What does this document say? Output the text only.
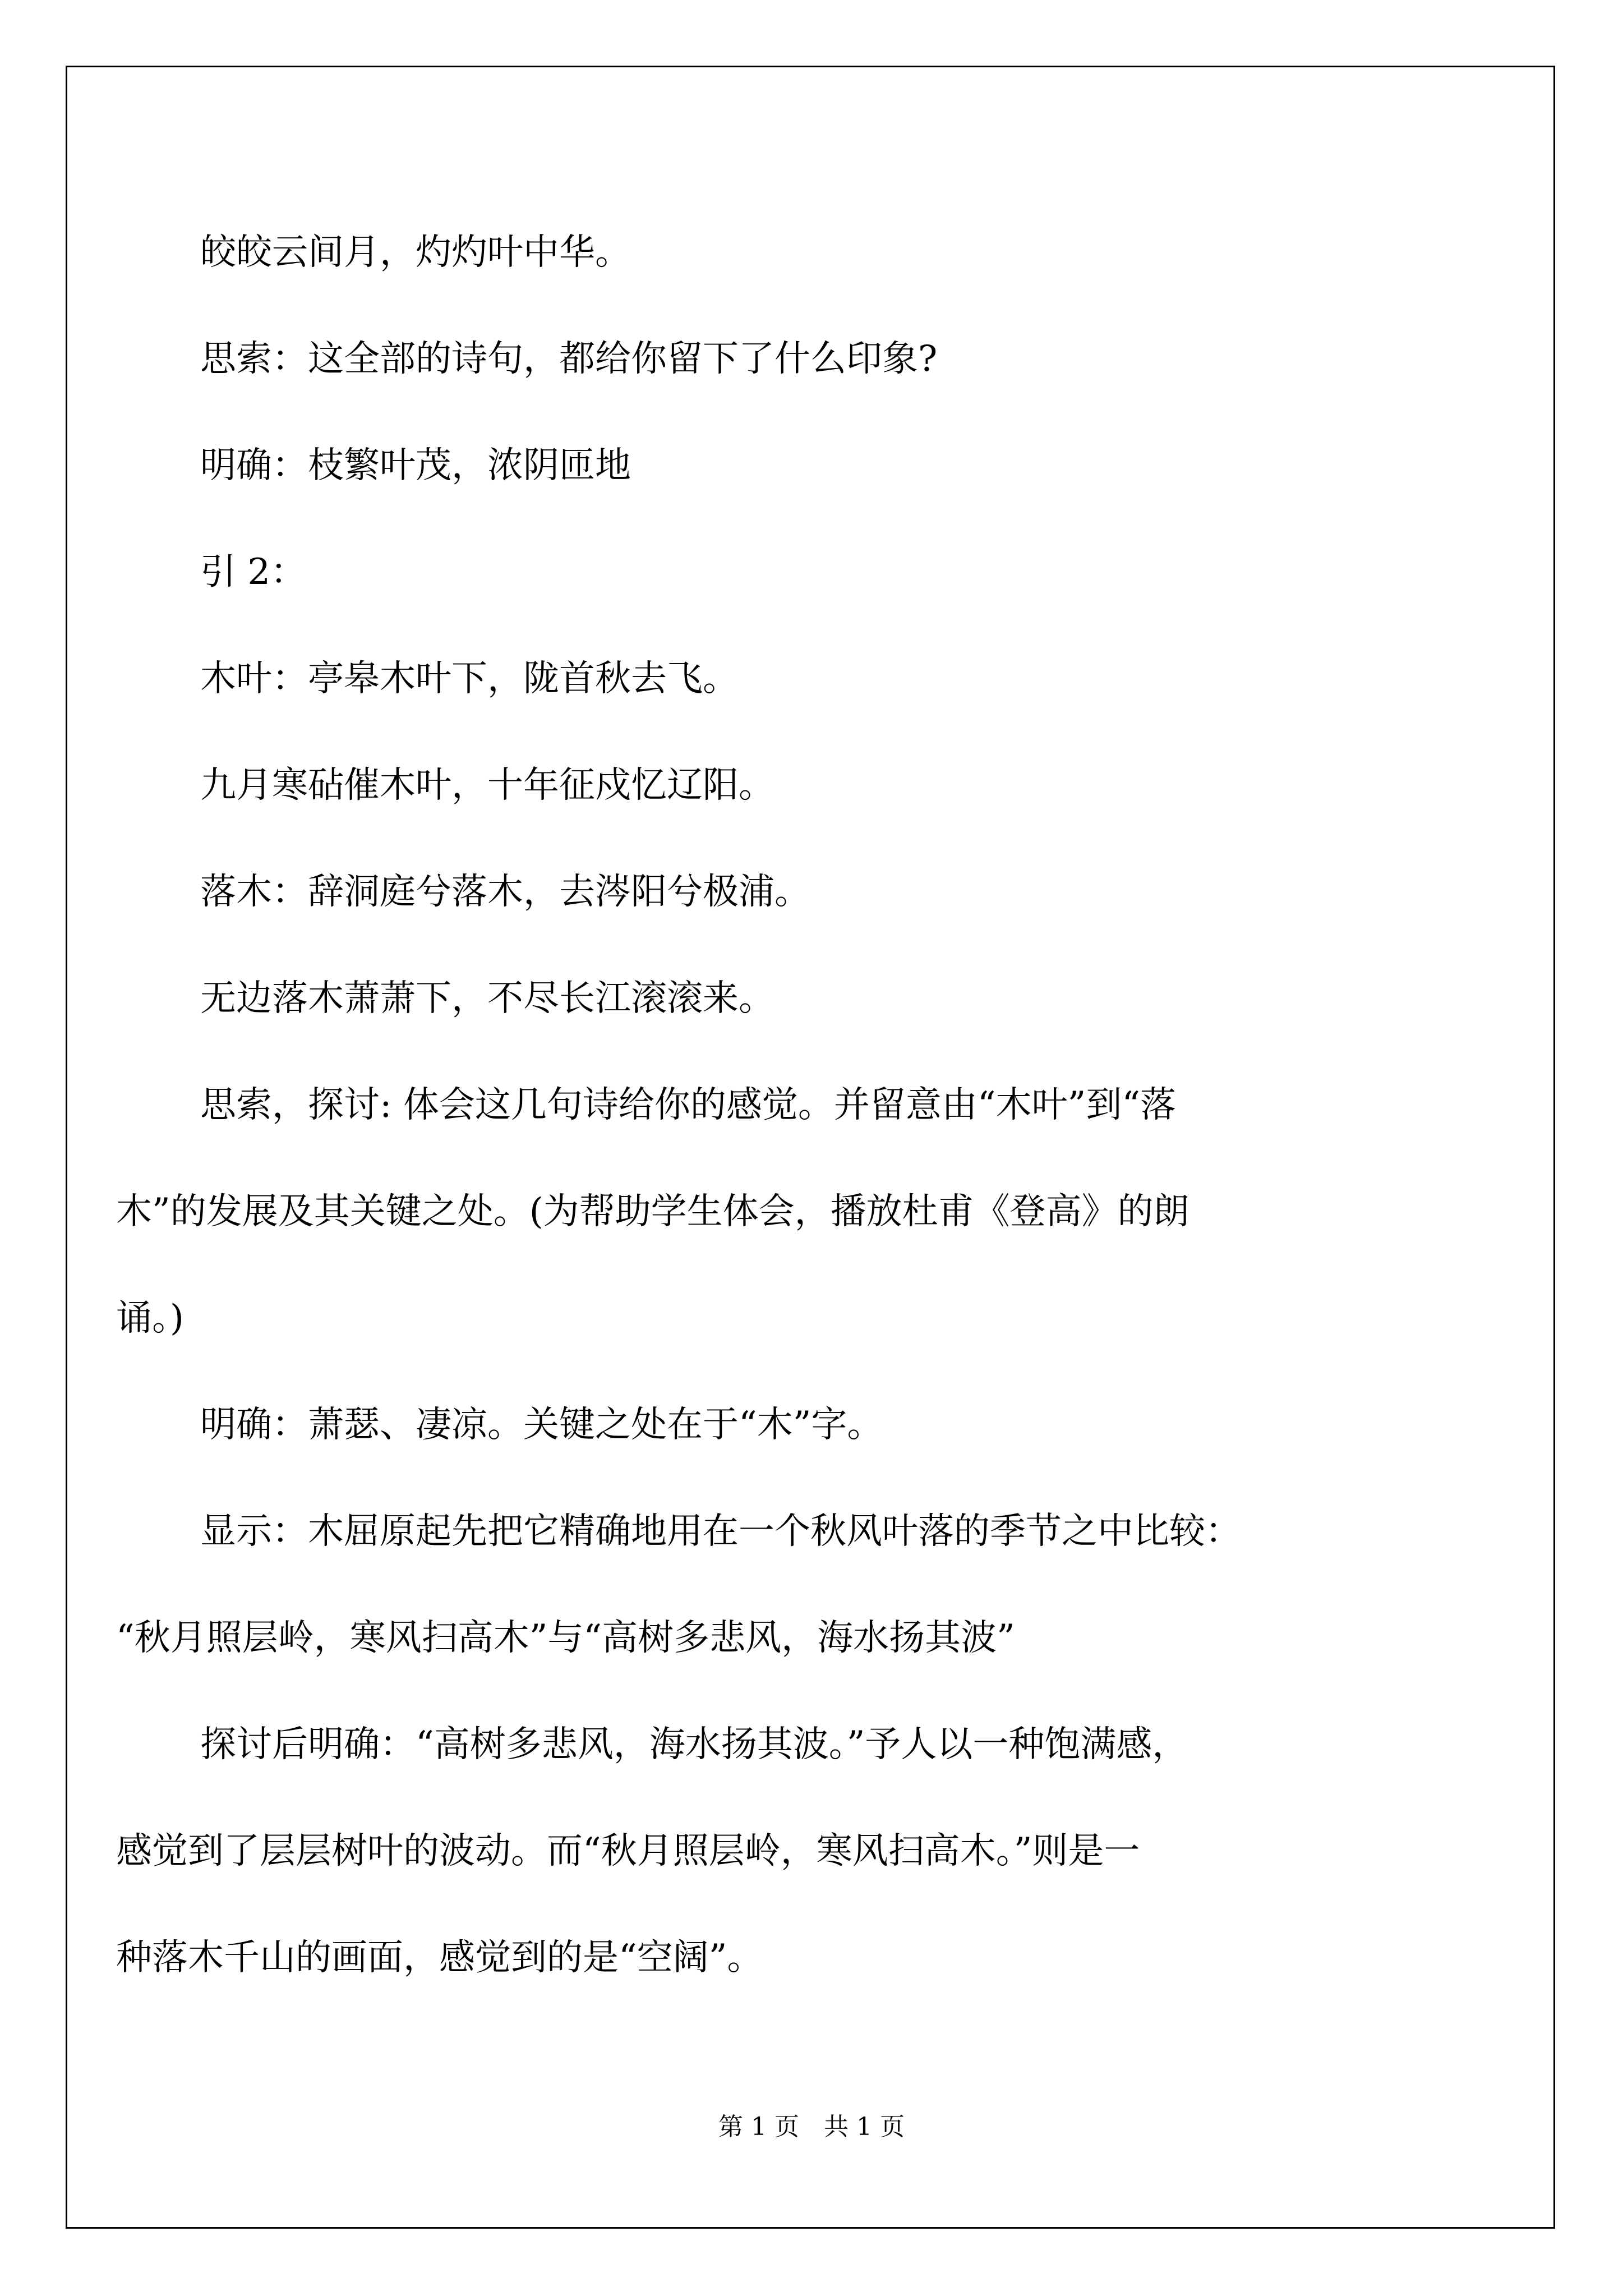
皎皎云间月，灼灼叶中华。
思索：这全部的诗句，都给你留下了什么印象?
明确：枝繁叶茂，浓阴匝地
引 2：
木叶：亭皋木叶下，陇首秋去飞。
九月寒砧催木叶，十年征戍忆辽阳。
落木：辞洞庭兮落木，去涔阳兮极浦。
无边落木萧萧下，不尽长江滚滚来。
思索，探讨: 体会这几句诗给你的感觉。并留意由“木叶”到“落
木”的发展及其关键之处。(为帮助学生体会，播放杜甫《登高》的朗
诵。)
明确：萧瑟、凄凉。关键之处在于“木”字。
显示：木屈原起先把它精确地用在一个秋风叶落的季节之中比较：
“秋月照层岭，寒风扫高木”与“高树多悲风，海水扬其波”
探讨后明确：“高树多悲风，海水扬其波。”予人以一种饱满感，
感觉到了层层树叶的波动。而“秋月照层岭，寒风扫高木。”则是一
种落木千山的画面，感觉到的是“空阔”。
第 1 页　共 1 页
